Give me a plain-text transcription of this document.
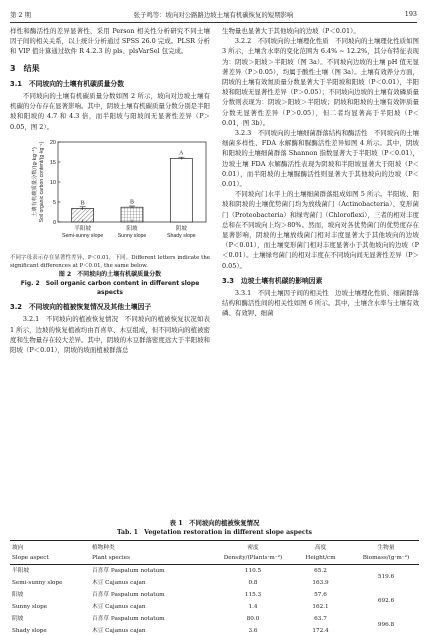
第 2 期	张子鸣等：坡向对公路路边坡土壤有机碳恢复的短期影响	193

样性和酶活性的差异显著性，采用 Person 相关性分析研究不同土壤因子间的相关关系，以上统计分析通过 SPSS 26.0 完成。PLSR 分析和 VIP 值计算通过软件 R 4.2.3 的 pls、plsVarSel 包完成。

3　结果
3.1　不同坡向的土壤有机碳质量分数

不同坡向的土壤有机碳质量分数如图 2 所示，坡向对边坡土壤有机碳的分布存在显著影响。其中，阴坡土壤有机碳质量分数分别是半阳坡和阳坡的 4.7 和 4.3 倍，而半阳坡与阳坡间无显著性差异（P＞0.05，图 2）。

0
5
10
15
20
土壤有机碳质量分数/(g·kg⁻¹) Soil organic carbon content/(g·kg⁻¹)
半阳坡
Semi-sunny slope
阳坡
Sunny slope
阴坡
Shady slope
B	B
A

不同字母表示存在显著性差异，P＜0.01，下同。Different letters indicate the significant differences at P＜0.01, the same below.

图 2　不同坡向的土壤有机碳质量分数
Fig. 2　Soil organic carbon content in different slope aspects
3.2　不同坡向的植被恢复情况及其他土壤因子

3.2.1　不同坡向的植被恢复情况　不同坡向的植被恢复状况如表 1 所示，边坡的恢复植被均由百喜草、木豆组成，但不同坡向的植被密度和生物量存在较大差异。其中，阴坡的木豆群落密度远大于半阳坡和阳坡（P＜0.01），阴坡的坡面植被群落总

生物量也显著大于其他坡向的边坡（P＜0.01）。

3.2.2　不同坡向的土壤理化性质　不同坡向的土壤理化性质如图 3 所示，土壤含水率的变化范围为 6.4% ~ 12.2%，其分布特征表现为：阴坡＞阳坡＞半阳坡（图 3a）。不同坡向边坡的土壤 pH 值无显著差异（P＞0.05），均属于酸性土壤（图 3a）。土壤有效养分方面，阴坡的土壤有效氮质量分数显著大于半阳坡和阳坡（P＜0.01），半阳坡和阳坡无显著性差异（P＞0.05）；不同坡向边坡的土壤有效磷质量分数则表现为：阴坡＞阳坡＞半阳坡；阴坡和阳坡的土壤有效钾质量分数无显著性差异（P＞0.05），但二者均显著高于半阳坡（P＜0.01，图 3b）。

3.2.3　不同坡向的土壤细菌群落结构和酶活性　不同坡向的土壤细菌多样性、FDA 水解酶和脲酶活性差异如图 4 所示。其中，阴坡和阳坡的土壤细菌群落 Shannon 指数显著大于半阳坡（P＜0.01），边坡土壤 FDA 水解酶活性表现为阴坡和半阳坡显著大于阳坡（P＜0.01），而半阳坡的土壤脲酶活性则显著大于其他坡向的边坡（P＜0.01）。

不同坡向门水平上的土壤细菌群落组成如图 5 所示。半阳坡、阳坡和阴坡的土壤优势菌门均为放线菌门（Actinobacteria）、变形菌门（Proteobacteria）和绿弯菌门（Chloroflexi），三者的相对丰度总和在不同坡向上均＞80%。然而，坡向对各优势菌门的优势度存在显著影响，阴坡的土壤放线菌门相对丰度显著大于其他坡向的边坡（P＜0.01），而土壤变形菌门相对丰度显著小于其他坡向的边坡（P＜0.01）。土壤绿弯菌门的相对丰度在不同坡向间无显著性差异（P＞0.05）。

3.3　边坡土壤有机碳的影响因素

3.3.1　不同土壤因子间的相关性　边坡土壤理化性质、细菌群落结构和酶活性间的相关性如图 6 所示。其中，土壤含水率与土壤有效磷、有效钾、细菌

表 1　不同坡向的植被恢复情况
Tab. 1　Vegetation restoration in different slope aspects
坡向	植物种类	密度	高度	生物量
Slope aspect	Plant species	Density/(Plants·m⁻²)	Height/cm	Biomass/(g·m⁻²)
半阳坡	百喜草 Paspalum notatum	110.5	65.2	519.6
Semi-sunny slope	木豆 Cajanus cajan	0.8	163.9	
阳坡	百喜草 Paspalum notatum	115.3	57.6	692.6
Sunny slope	木豆 Cajanus cajan	1.4	162.1	
阴坡	百喜草 Paspalum notatum	80.0	63.7	996.8
Shady slope	木豆 Cajanus cajan	3.6	172.4	
